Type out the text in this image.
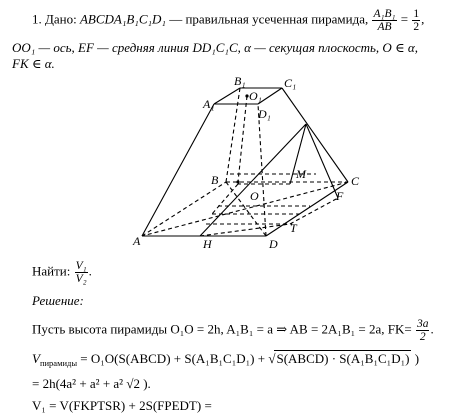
1. Дано: ABCDA₁B₁C₁D₁ — правильная усеченная пирамида, $\frac{\text{A₁B₁}}{AB} = \frac{1}{2}$ ,
OO₁ — ось, EF — средняя линия DD₁C₁C, α — секущая плоскость, O ∈ α,
FK ∈ α.
B₁	C₁
A₁
O₁
D₁
B	M	C
O	F
A	H	D
T
Найти: $\frac{\text{V₁}}{\text{V₂}}$ .
Решение:
Пусть высота пирамиды O₁O = 2h, A₁B₁ = a ⇒ AB = 2A₁B₁ = 2a, $FK= \frac{3a}{2}$ .
$V_{пирамиды}$ = O₁O(S(ABCD) + S(A₁B₁C₁D₁) + √S(ABCD) · S(A₁B₁C₁D₁) )
= 2h(4a² + a² + a² √2 ).
V₁ = V(FKPTSR) + 2S(FPEDT) =
